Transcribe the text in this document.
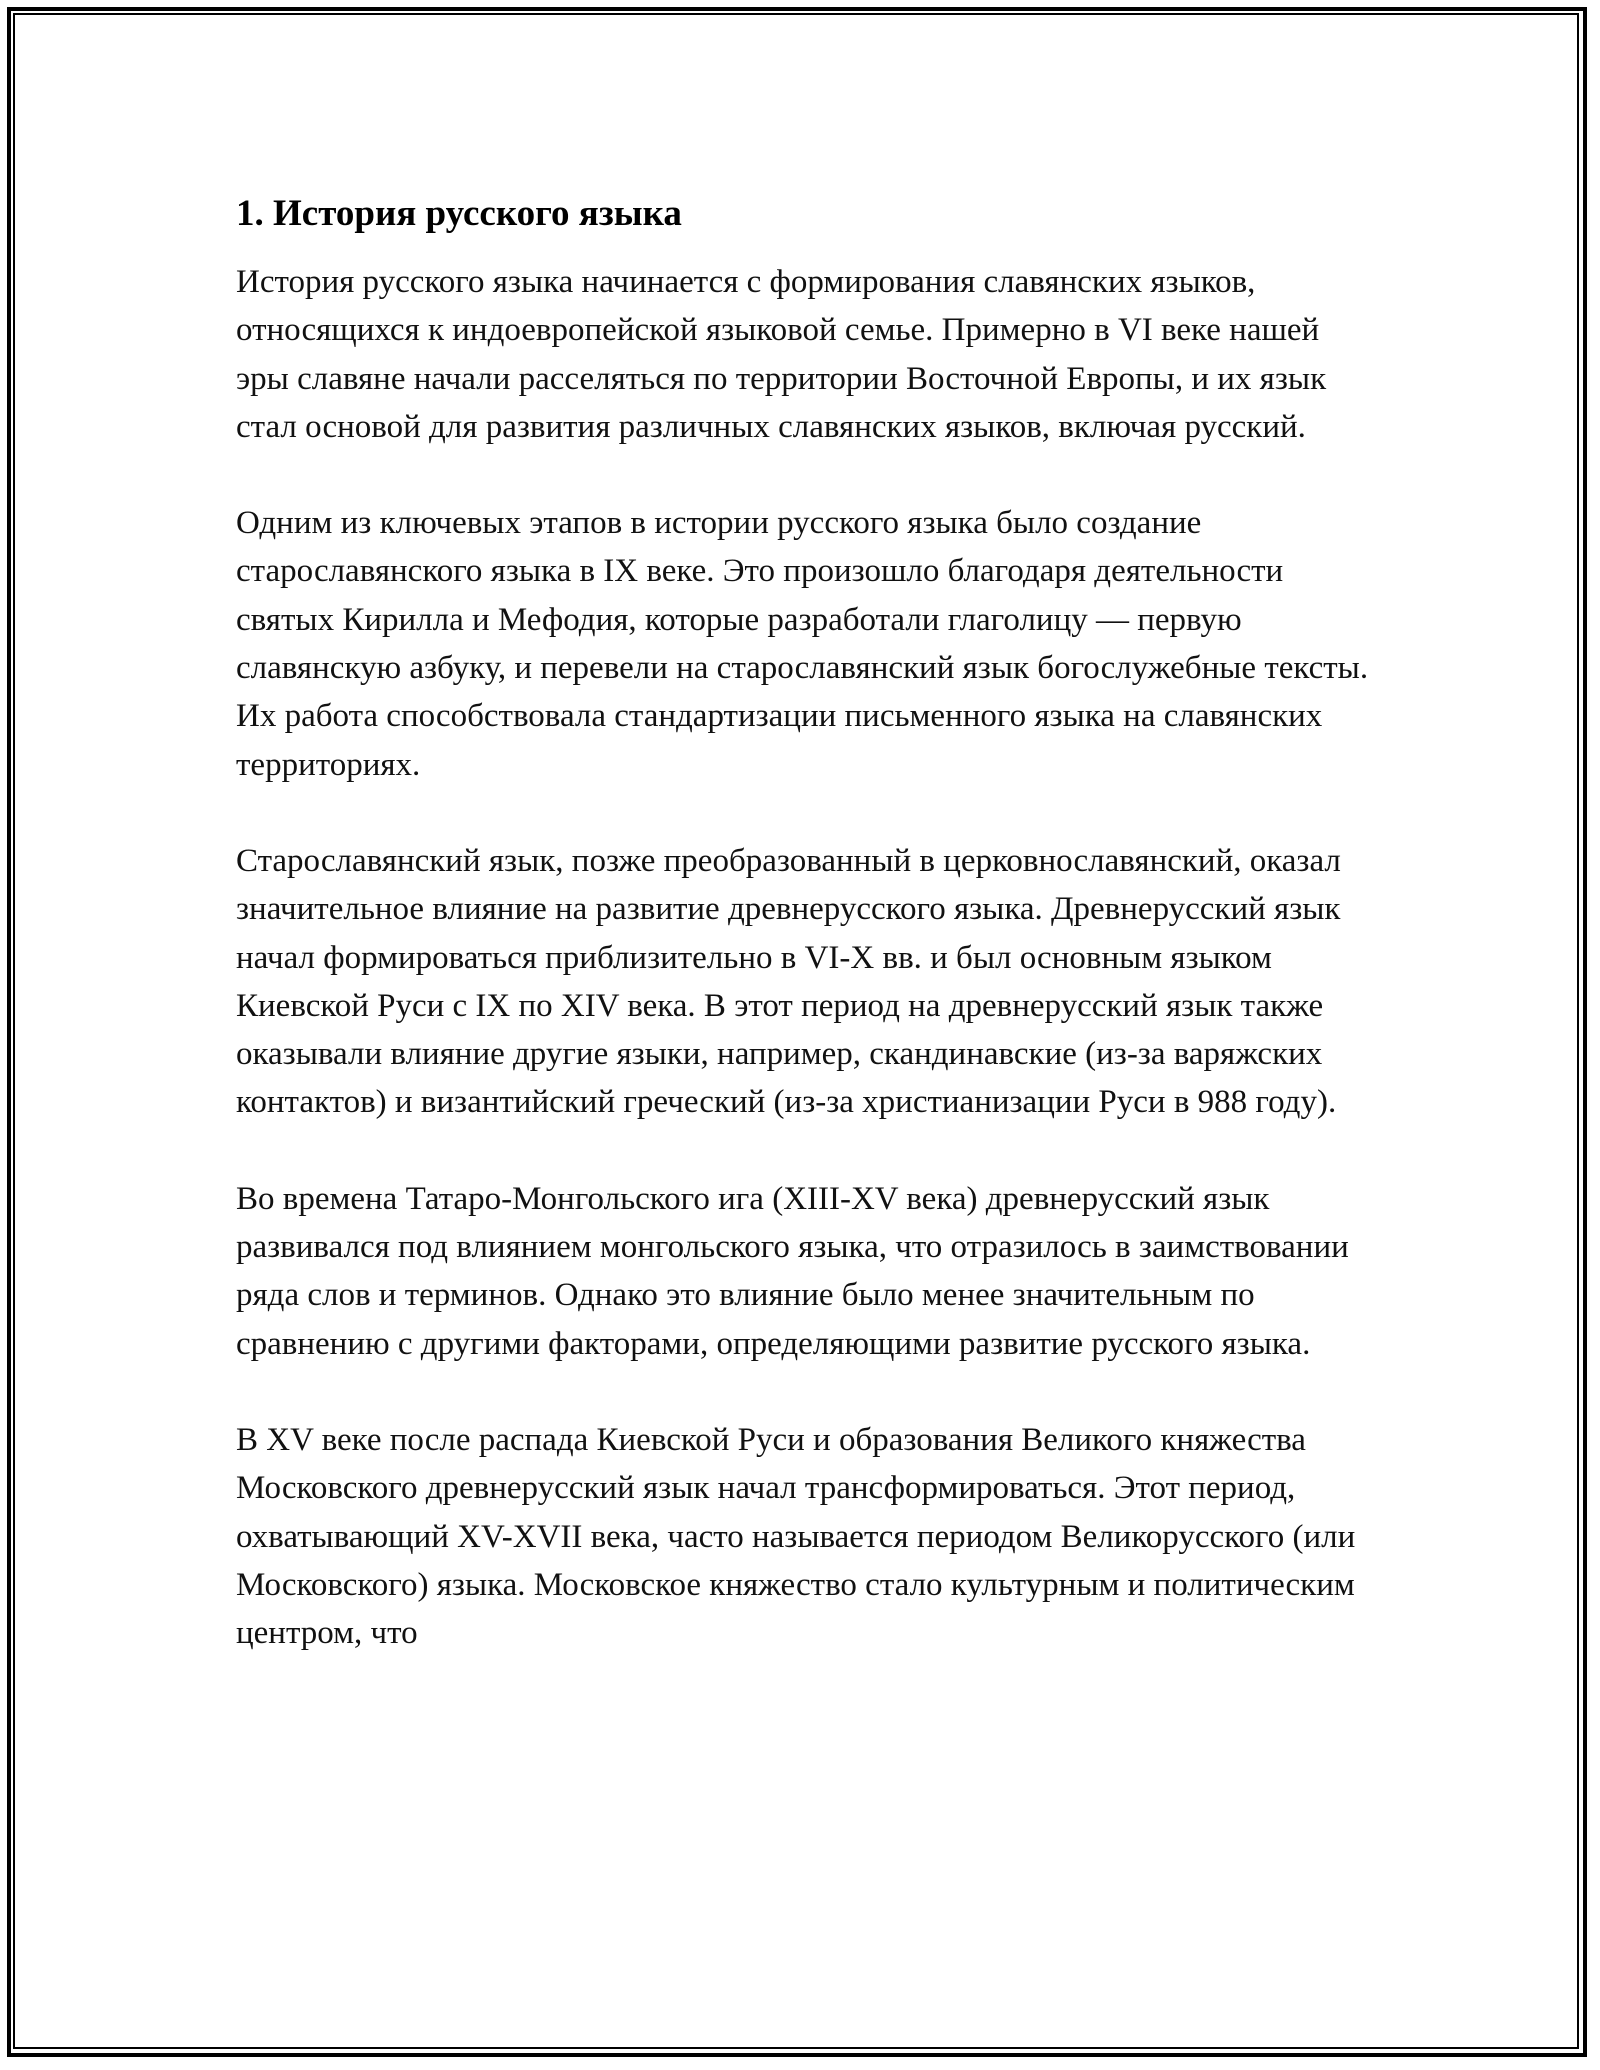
1. История русского языка

История русского языка начинается с формирования славянских языков, относящихся к индоевропейской языковой семье. Примерно в VI веке нашей эры славяне начали расселяться по территории Восточной Европы, и их язык стал основой для развития различных славянских языков, включая русский.

Одним из ключевых этапов в истории русского языка было создание старославянского языка в IX веке. Это произошло благодаря деятельности святых Кирилла и Мефодия, которые разработали глаголицу — первую славянскую азбуку, и перевели на старославянский язык богослужебные тексты. Их работа способствовала стандартизации письменного языка на славянских территориях.

Старославянский язык, позже преобразованный в церковнославянский, оказал значительное влияние на развитие древнерусского языка. Древнерусский язык начал формироваться приблизительно в VI-X вв. и был основным языком Киевской Руси с IX по XIV века. В этот период на древнерусский язык также оказывали влияние другие языки, например, скандинавские (из-за варяжских контактов) и византийский греческий (из-за христианизации Руси в 988 году).

Во времена Татаро-Монгольского ига (XIII-XV века) древнерусский язык развивался под влиянием монгольского языка, что отразилось в заимствовании ряда слов и терминов. Однако это влияние было менее значительным по сравнению с другими факторами, определяющими развитие русского языка.

В XV веке после распада Киевской Руси и образования Великого княжества Московского древнерусский язык начал трансформироваться. Этот период, охватывающий XV-XVII века, часто называется периодом Великорусского (или Московского) языка. Московское княжество стало культурным и политическим центром, что
